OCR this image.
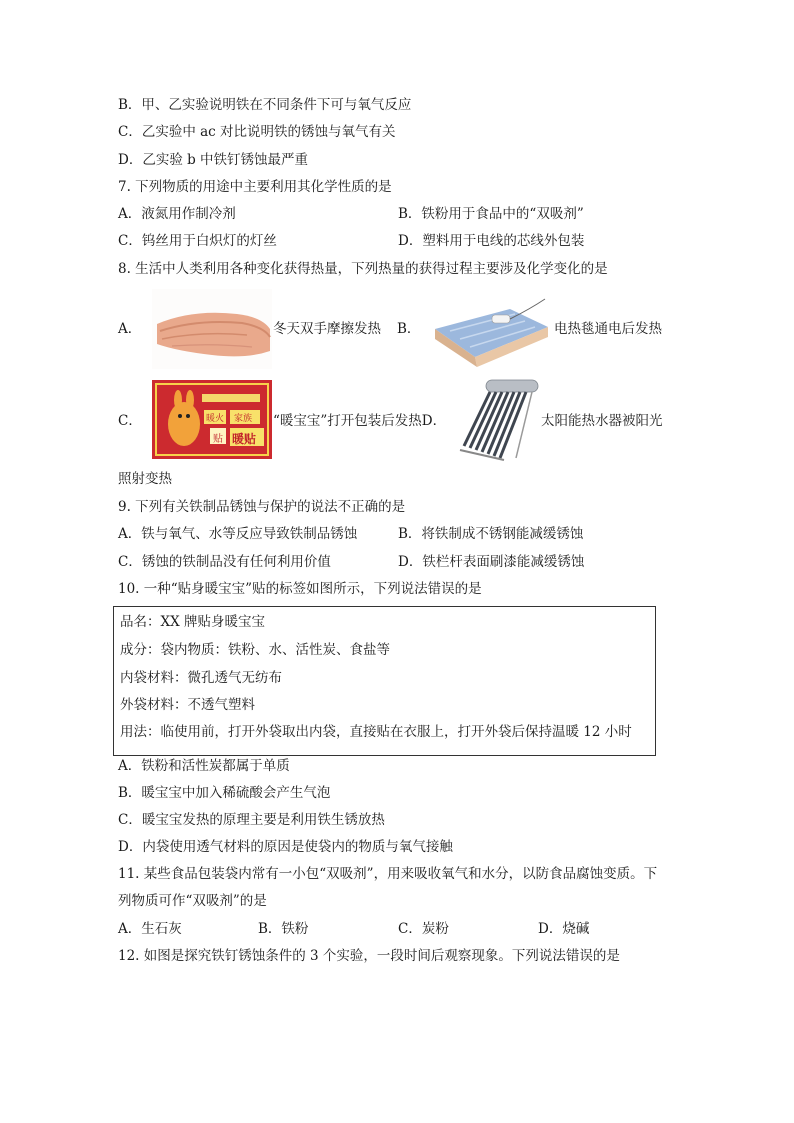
B．甲、乙实验说明铁在不同条件下可与氧气反应
C．乙实验中 ac 对比说明铁的锈蚀与氧气有关
D．乙实验 b 中铁钉锈蚀最严重
7. 下列物质的用途中主要利用其化学性质的是
A．液氮用作制冷剂	B．铁粉用于食品中的“双吸剂”
C．钨丝用于白炽灯的灯丝	D．塑料用于电线的芯线外包装
8. 生活中人类利用各种变化获得热量，下列热量的获得过程主要涉及化学变化的是
A．	冬天双手摩擦发热 B．	电热毯通电后发热
C．	暖火 家族
暖贴
贴
“暖宝宝”打开包装后发热D．	太阳能热水器被阳光
照射变热
9. 下列有关铁制品锈蚀与保护的说法不正确的是
A．铁与氧气、水等反应导致铁制品锈蚀	B．将铁制成不锈钢能减缓锈蚀
C．锈蚀的铁制品没有任何利用价值	D．铁栏杆表面刷漆能减缓锈蚀
10. 一种“贴身暖宝宝”贴的标签如图所示，下列说法错误的是
品名：XX 牌贴身暖宝宝
成分：袋内物质：铁粉、水、活性炭、食盐等
内袋材料：微孔透气无纺布
外袋材料：不透气塑料
用法：临使用前，打开外袋取出内袋，直接贴在衣服上，打开外袋后保持温暖 12 小时
A．铁粉和活性炭都属于单质
B．暖宝宝中加入稀硫酸会产生气泡
C．暖宝宝发热的原理主要是利用铁生锈放热
D．内袋使用透气材料的原因是使袋内的物质与氧气接触
11. 某些食品包装袋内常有一小包“双吸剂”，用来吸收氧气和水分，以防食品腐蚀变质。下
列物质可作“双吸剂”的是
A．生石灰	B．铁粉	C．炭粉	D．烧碱
12. 如图是探究铁钉锈蚀条件的 3 个实验，一段时间后观察现象。下列说法错误的是
